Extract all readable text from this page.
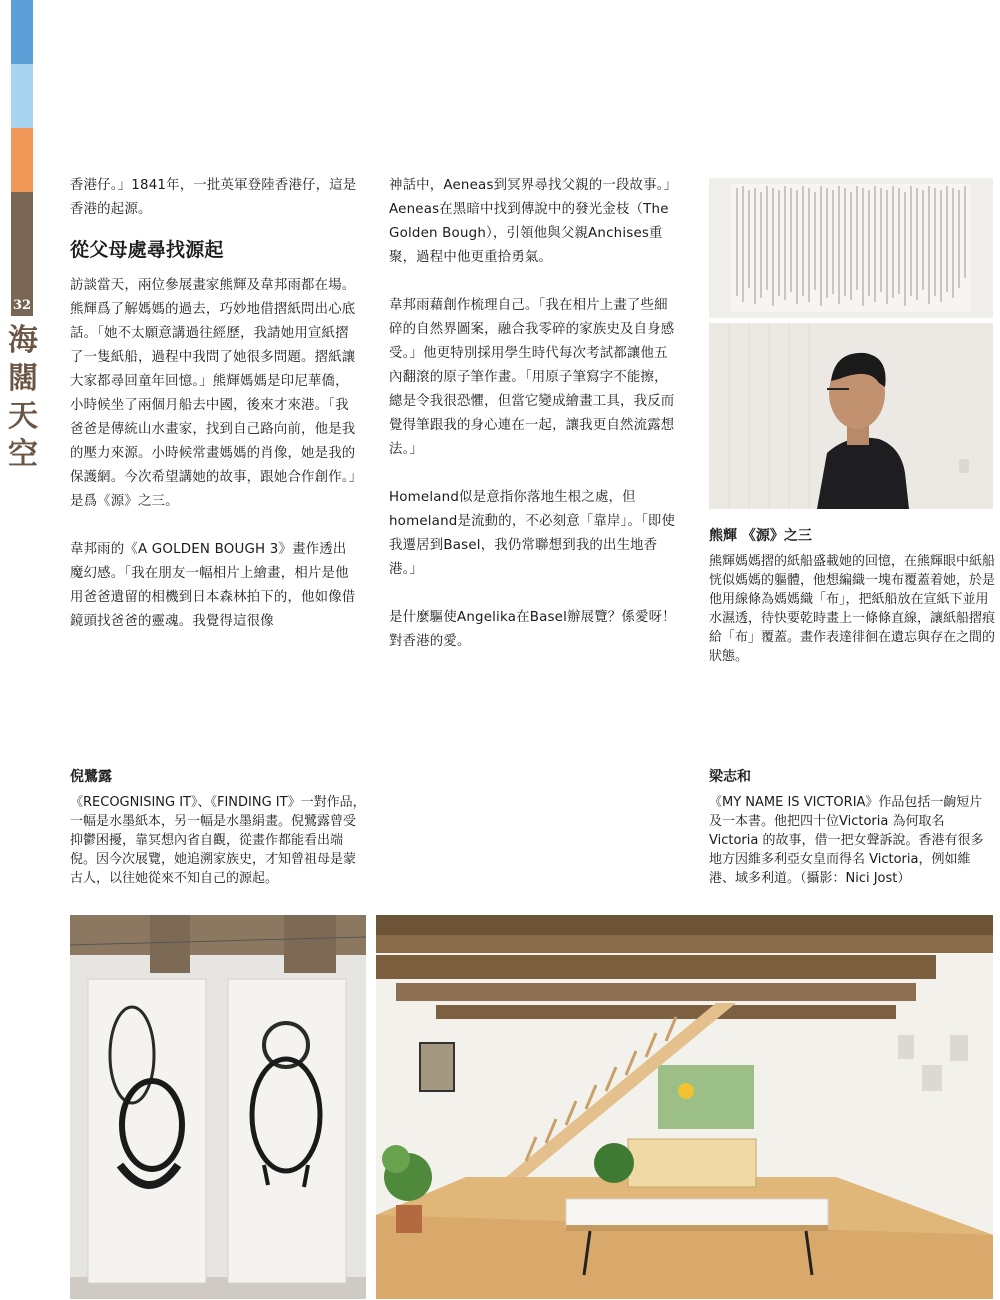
32
海
闊
天
空

香港仔。」1841年，一批英軍登陸香港仔，這是香港的起源。

從父母處尋找源起

訪談當天，兩位參展畫家熊輝及韋邦雨都在場。熊輝爲了解媽媽的過去，巧妙地借摺紙問出心底話。「她不太願意講過往經歷，我請她用宣紙摺了一隻紙船，過程中我問了她很多問題。摺紙讓大家都尋回童年回憶。」熊輝媽媽是印尼華僑，小時候坐了兩個月船去中國，後來才來港。「我爸爸是傳統山水畫家，找到自己路向前，他是我的壓力來源。小時候常畫媽媽的肖像，她是我的保護網。今次希望講她的故事，跟她合作創作。」是爲《源》之三。

韋邦雨的《A GOLDEN BOUGH 3》畫作透出魔幻感。「我在朋友一幅相片上繪畫，相片是他用爸爸遺留的相機到日本森林拍下的，他如像借鏡頭找爸爸的靈魂。我覺得這很像

神話中，Aeneas到冥界尋找父親的一段故事。」Aeneas在黑暗中找到傳說中的發光金枝（The Golden Bough），引領他與父親Anchises重聚，過程中他更重拾勇氣。

韋邦雨藉創作梳理自己。「我在相片上畫了些細碎的自然界圖案，融合我零碎的家族史及自身感受。」他更特別採用學生時代每次考試都讓他五內翻滾的原子筆作畫。「用原子筆寫字不能擦，總是令我很恐懼，但當它變成繪畫工具，我反而覺得筆跟我的身心連在一起，讓我更自然流露想法。」

Homeland似是意指你落地生根之處，但homeland是流動的，不必刻意「靠岸」。「即使我遷居到Basel，我仍常聯想到我的出生地香港。」

是什麼驅使Angelika在Basel辦展覽？係愛呀！對香港的愛。

熊輝 《源》之三
熊輝媽媽摺的紙船盛載她的回憶，在熊輝眼中紙船恍似媽媽的軀體，他想編織一塊布覆蓋着她，於是他用線條為媽媽織「布」，把紙船放在宣紙下並用水濕透，待快要乾時畫上一條條直線，讓紙船摺痕給「布」覆蓋。畫作表達徘徊在遺忘與存在之間的狀態。
倪鷺露
《RECOGNISING IT》、《FINDING IT》一對作品，一幅是水墨紙本，另一幅是水墨絹畫。倪鷺露曾受抑鬱困擾，靠冥想內省自觀，從畫作都能看出端倪。因今次展覽，她追溯家族史，才知曾祖母是蒙古人，以往她從來不知自己的源起。
梁志和
《MY NAME IS VICTORIA》作品包括一齣短片及一本書。他把四十位Victoria 為何取名 Victoria 的故事，借一把女聲訴說。香港有很多地方因維多利亞女皇而得名 Victoria，例如維港、域多利道。（攝影：Nici Jost）
